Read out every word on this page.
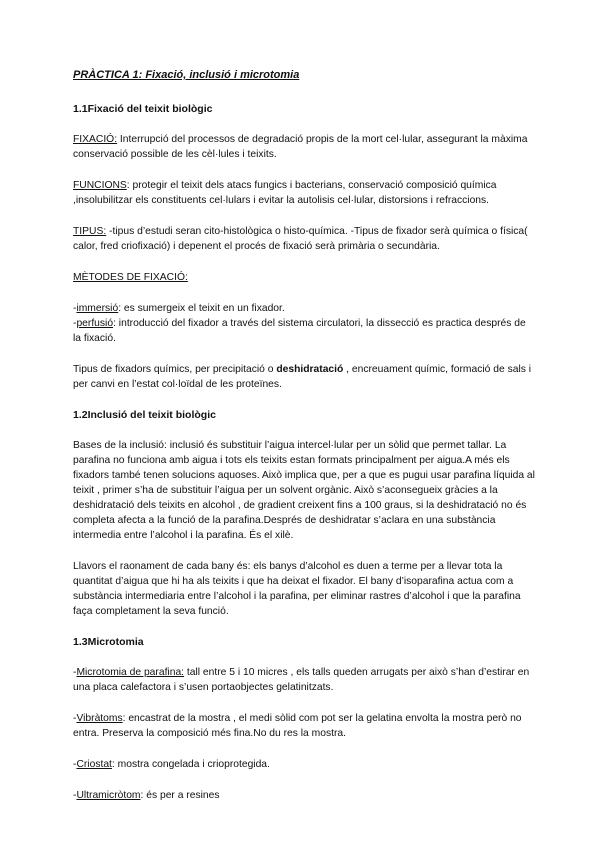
PRÀCTICA 1: Fixació, inclusió i microtomia
1.1Fixació del teixit biològic

FIXACIÓ: Interrupció del processos de degradació propis de la mort cel·lular, assegurant la màxima conservació possible de les cèl·lules i teixits.

FUNCIONS: protegir el teixit dels atacs fungics i bacterians, conservació composició química ,insolubilitzar els constituents cel·lulars i evitar la autolisis cel·lular, distorsions i refraccions.

TIPUS: -tipus d’estudi seran cito-histològica o histo-química. -Tipus de fixador serà química o física( calor, fred criofixació) i depenent el procés de fixació serà primària o secundària.

MÈTODES DE FIXACIÓ:

-immersió: es sumergeix el teixit en un fixador.

-perfusió: introducció del fixador a través del sistema circulatori, la dissecció es practica després de la fixació.

Tipus de fixadors químics, per precipitació o deshidratació , encreuament químic, formació de sals i per canvi en l’estat col·loïdal de les proteïnes.

1.2Inclusió del teixit biològic

Bases de la inclusió: inclusió és substituir l’aigua intercel·lular per un sòlid que permet tallar. La parafina no funciona amb aigua i tots els teixits estan formats principalment per aigua.A més els fixadors també tenen solucions aquoses. Això implica que, per a que es pugui usar parafina líquida al teixit , primer s’ha de substituir l’aigua per un solvent orgànic. Això s’aconsegueix gràcies a la deshidratació dels teixits en alcohol , de gradient creixent fins a 100 graus, si la deshidratació no és completa afecta a la funció de la parafina.Després de deshidratar s’aclara en una substància intermedia entre l’alcohol i la parafina. És el xilè.

Llavors el raonament de cada bany és: els banys d’alcohol es duen a terme per a llevar tota la quantitat d’aigua que hi ha als teixits i que ha deixat el fixador. El bany d’isoparafina actua com a substància intermediaria entre l’alcohol i la parafina, per eliminar rastres d’alcohol i que la parafina faça completament la seva funció.

1.3Microtomia

-Microtomia de parafina: tall entre 5 i 10 micres , els talls queden arrugats per això s’han d’estirar en una placa calefactora i s’usen portaobjectes gelatinitzats.

-Vibràtoms: encastrat de la mostra , el medi sòlid com pot ser la gelatina envolta la mostra però no entra. Preserva la composició més fina.No du res la mostra.

-Criostat: mostra congelada i crioprotegida.

-Ultramicròtom: és per a resines
